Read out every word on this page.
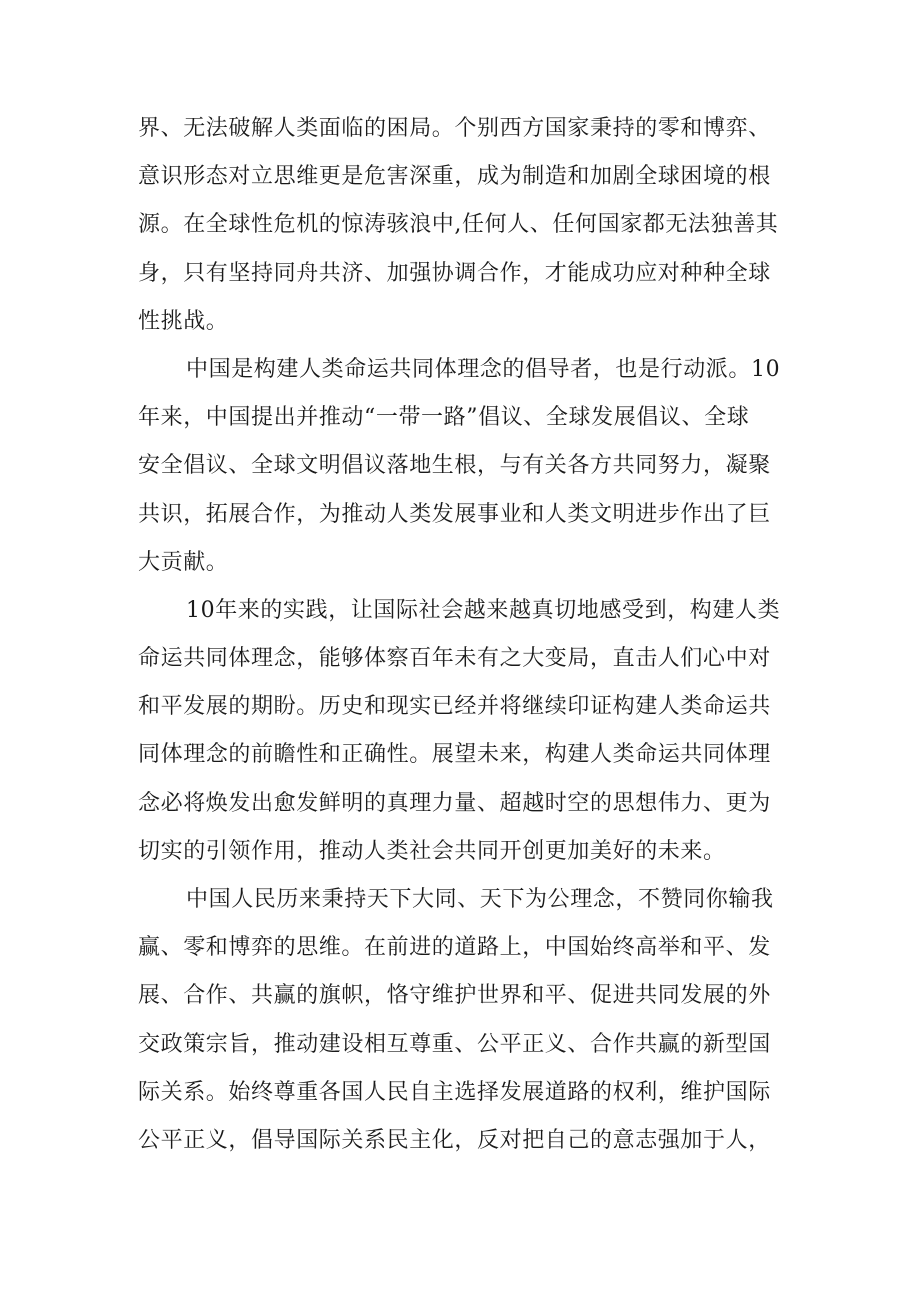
界、无法破解人类面临的困局。个别西方国家秉持的零和博弈、
意识形态对立思维更是危害深重，成为制造和加剧全球困境的根
源。在全球性危机的惊涛骇浪中,任何人、任何国家都无法独善其
身，只有坚持同舟共济、加强协调合作，才能成功应对种种全球
性挑战。
中国是构建人类命运共同体理念的倡导者，也是行动派。10
年来，中国提出并推动“一带一路”倡议、全球发展倡议、全球
安全倡议、全球文明倡议落地生根，与有关各方共同努力，凝聚
共识，拓展合作，为推动人类发展事业和人类文明进步作出了巨
大贡献。
10年来的实践，让国际社会越来越真切地感受到，构建人类
命运共同体理念，能够体察百年未有之大变局，直击人们心中对
和平发展的期盼。历史和现实已经并将继续印证构建人类命运共
同体理念的前瞻性和正确性。展望未来，构建人类命运共同体理
念必将焕发出愈发鲜明的真理力量、超越时空的思想伟力、更为
切实的引领作用，推动人类社会共同开创更加美好的未来。
中国人民历来秉持天下大同、天下为公理念，不赞同你输我
赢、零和博弈的思维。在前进的道路上，中国始终高举和平、发
展、合作、共赢的旗帜，恪守维护世界和平、促进共同发展的外
交政策宗旨，推动建设相互尊重、公平正义、合作共赢的新型国
际关系。始终尊重各国人民自主选择发展道路的权利，维护国际
公平正义，倡导国际关系民主化，反对把自己的意志强加于人，
